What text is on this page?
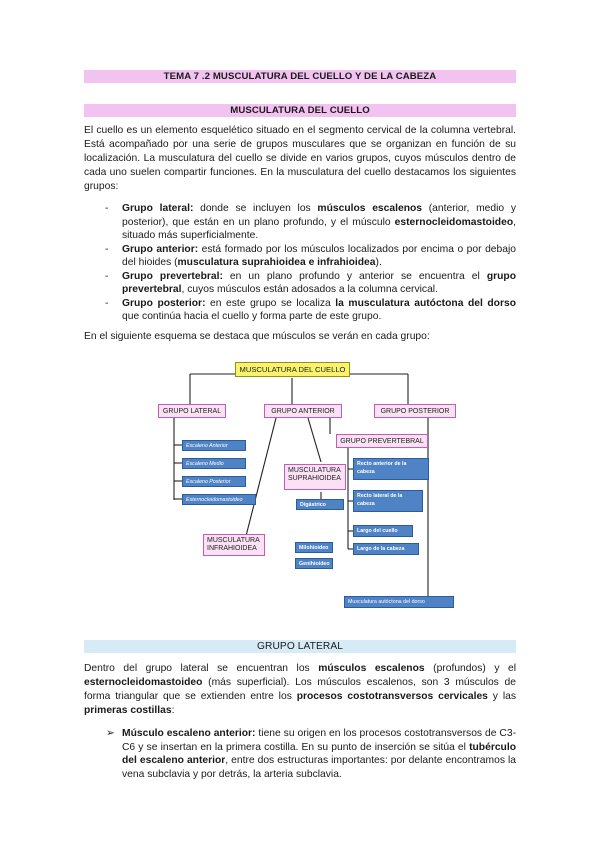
TEMA 7 .2 MUSCULATURA DEL CUELLO Y DE LA CABEZA
MUSCULATURA DEL CUELLO
El cuello es un elemento esquelético situado en el segmento cervical de la columna vertebral. Está acompañado por una serie de grupos musculares que se organizan en función de su localización. La musculatura del cuello se divide en varios grupos, cuyos músculos dentro de cada uno suelen compartir funciones. En la musculatura del cuello destacamos los siguientes grupos:
-	Grupo lateral: donde se incluyen los músculos escalenos (anterior, medio y posterior), que están en un plano profundo, y el músculo esternocleidomastoideo, situado más superficialmente.
-	Grupo anterior: está formado por los músculos localizados por encima o por debajo del hioides (musculatura suprahioidea e infrahioidea).
-	Grupo prevertebral: en un plano profundo y anterior se encuentra el grupo prevertebral, cuyos músculos están adosados a la columna cervical.
-	Grupo posterior: en este grupo se localiza la musculatura autóctona del dorso que continúa hacia el cuello y forma parte de este grupo.
En el siguiente esquema se destaca que músculos se verán en cada grupo:
MUSCULATURA DEL CUELLO
GRUPO LATERAL	GRUPO ANTERIOR	GRUPO POSTERIOR
GRUPO PREVERTEBRAL
Escaleno Anterior
Escaleno Medio
Escaleno Posterior
Esternocleidomastoideo
MUSCULATURA SUPRAHIOIDEA
Digástrico
MUSCULATURA INFRAHIOIDEA	Milohioideo
Genihioideo
Recto anterior de la cabeza
Recto lateral de la cabeza
Largo del cuello
Largo de la cabeza
Musculatura autóctona del dorso
GRUPO LATERAL
Dentro del grupo lateral se encuentran los músculos escalenos (profundos) y el esternocleidomastoideo (más superficial). Los músculos escalenos, son 3 músculos de forma triangular que se extienden entre los procesos costotransversos cervicales y las primeras costillas:
➢ Músculo escaleno anterior: tiene su origen en los procesos costotransversos de C3-C6 y se insertan en la primera costilla. En su punto de inserción se sitúa el tubérculo del escaleno anterior, entre dos estructuras importantes: por delante encontramos la vena subclavia y por detrás, la arteria subclavia.
